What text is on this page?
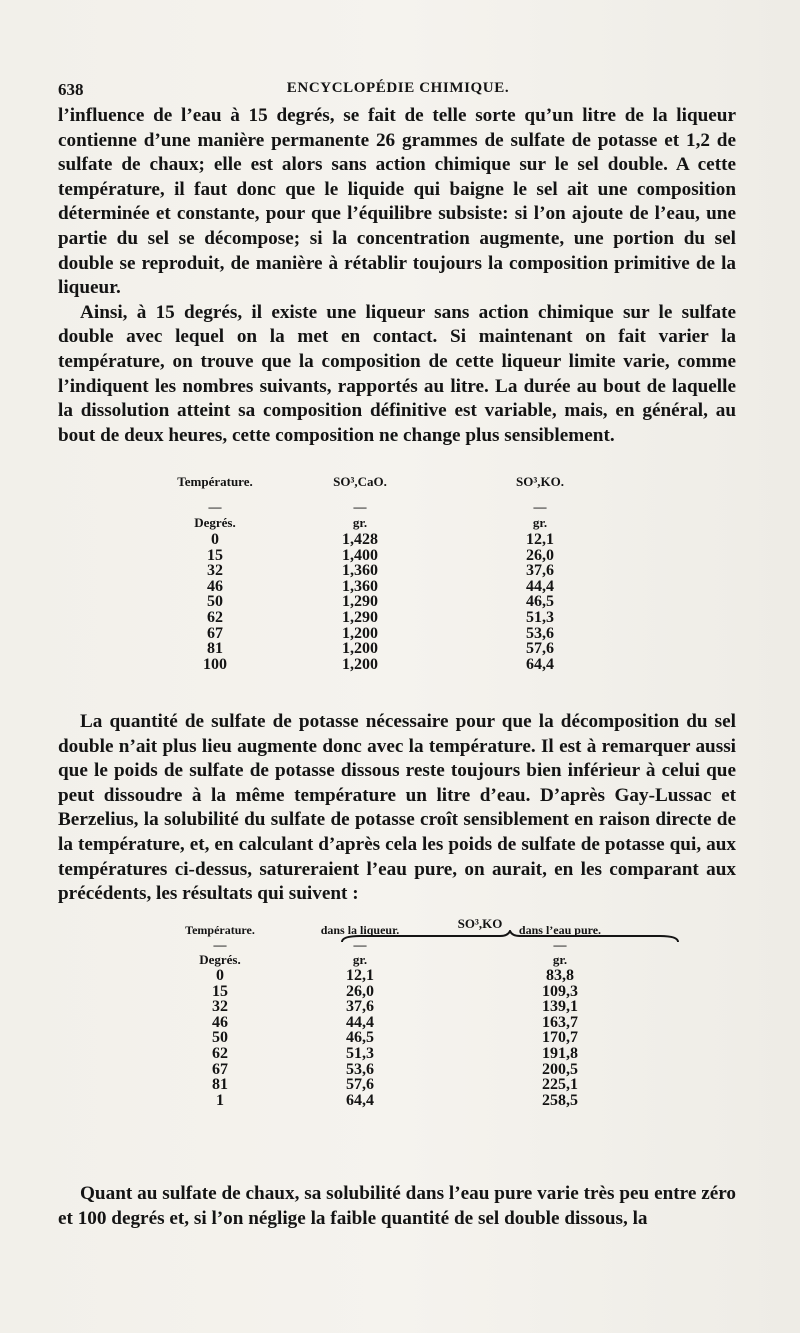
638	ENCYCLOPÉDIE CHIMIQUE.

l’influence de l’eau à 15 degrés, se fait de telle sorte qu’un litre de la liqueur contienne d’une manière permanente 26 grammes de sulfate de potasse et 1,2 de sulfate de chaux; elle est alors sans action chimique sur le sel double. A cette température, il faut donc que le liquide qui baigne le sel ait une composition déterminée et constante, pour que l’équilibre subsiste: si l’on ajoute de l’eau, une partie du sel se décompose; si la concentration augmente, une portion du sel double se reproduit, de manière à rétablir toujours la composition primitive de la liqueur.

Ainsi, à 15 degrés, il existe une liqueur sans action chimique sur le sulfate double avec lequel on la met en contact. Si maintenant on fait varier la température, on trouve que la composition de cette liqueur limite varie, comme l’indiquent les nombres suivants, rapportés au litre. La durée au bout de laquelle la dissolution atteint sa composition définitive est variable, mais, en général, au bout de deux heures, cette composition ne change plus sensiblement.

Température.	SO³,CaO.	SO³,KO.
—	—	—
Degrés.	gr.	gr.
0	1,428	12,1
15	1,400	26,0
32	1,360	37,6
46	1,360	44,4
50	1,290	46,5
62	1,290	51,3
67	1,200	53,6
81	1,200	57,6
100	1,200	64,4

La quantité de sulfate de potasse nécessaire pour que la décomposition du sel double n’ait plus lieu augmente donc avec la température. Il est à remarquer aussi que le poids de sulfate de potasse dissous reste toujours bien inférieur à celui que peut dissoudre à la même température un litre d’eau. D’après Gay-Lussac et Berzelius, la solubilité du sulfate de potasse croît sensiblement en raison directe de la température, et, en calculant d’après cela les poids de sulfate de potasse qui, aux températures ci-dessus, satureraient l’eau pure, on aurait, en les comparant aux précédents, les résultats qui suivent :

SO³,KO
Température.	dans la liqueur.	dans l’eau pure.
—	—	—
Degrés.	gr.	gr.
0	12,1	83,8
15	26,0	109,3
32	37,6	139,1
46	44,4	163,7
50	46,5	170,7
62	51,3	191,8
67	53,6	200,5
81	57,6	225,1
1	64,4	258,5

Quant au sulfate de chaux, sa solubilité dans l’eau pure varie très peu entre zéro et 100 degrés et, si l’on néglige la faible quantité de sel double dissous, la
